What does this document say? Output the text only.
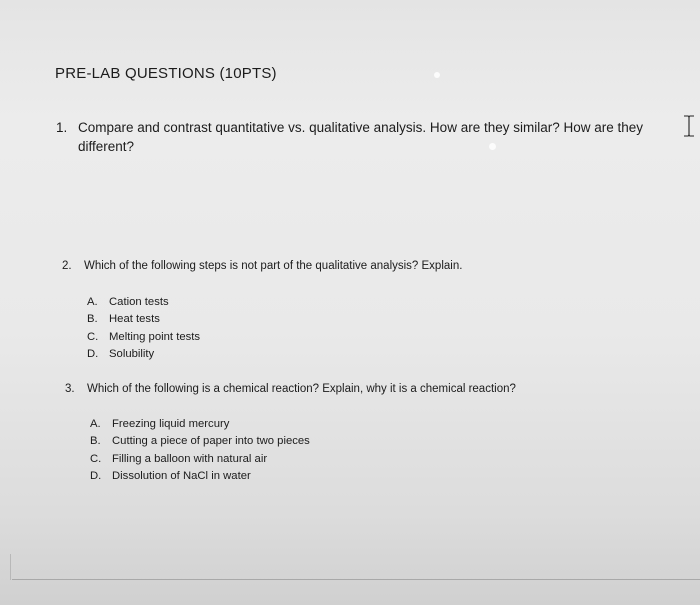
PRE-LAB QUESTIONS (10PTS)
1. Compare and contrast quantitative vs. qualitative analysis. How are they similar? How are they different?
2.	Which of the following steps is not part of the qualitative analysis? Explain.
A.	Cation tests
B.	Heat tests
C. Melting point tests
D. Solubility
3.	Which of the following is a chemical reaction? Explain, why it is a chemical reaction?
A.	Freezing liquid mercury
B.	Cutting a piece of paper into two pieces
C. Filling a balloon with natural air
D. Dissolution of NaCl in water
